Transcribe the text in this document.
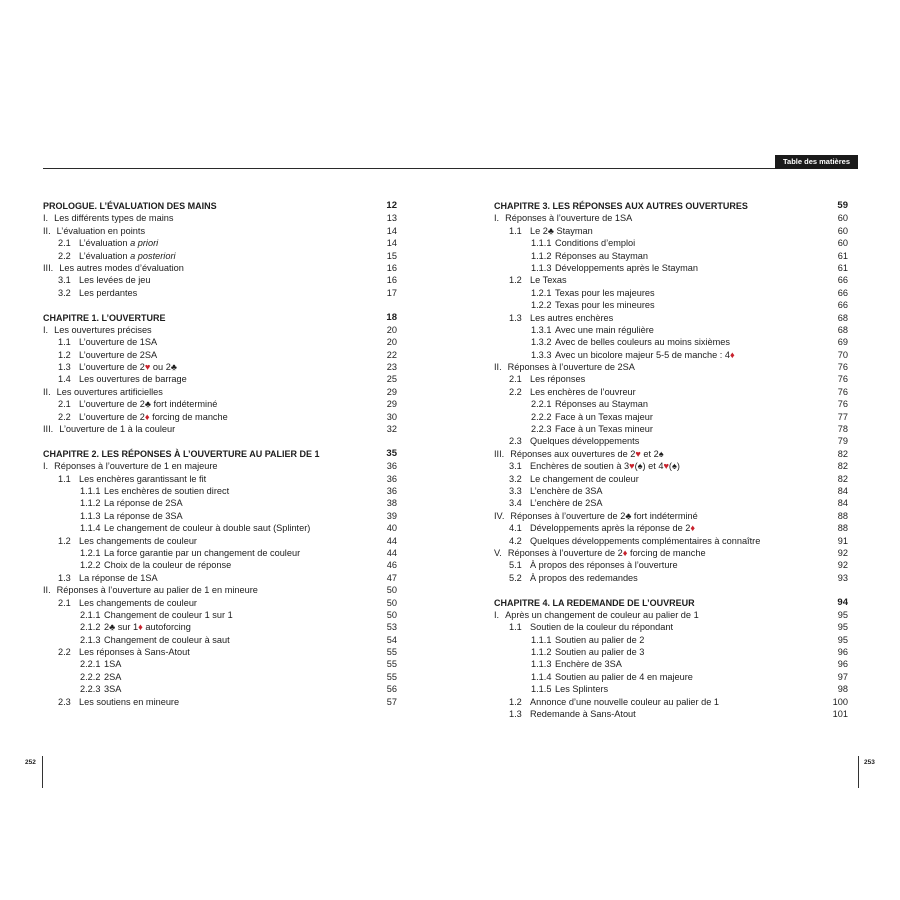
Table des matières
PROLOGUE. L’ÉVALUATION DES MAINS	12
I. Les différents types de mains	13
II. L’évaluation en points	14
2.1 L’évaluation a priori	14
2.2 L’évaluation a posteriori	15
III. Les autres modes d’évaluation	16
3.1 Les levées de jeu	16
3.2 Les perdantes	17
CHAPITRE 1. L’OUVERTURE	18
I. Les ouvertures précises	20
1.1 L’ouverture de 1SA	20
1.2 L’ouverture de 2SA	22
1.3 L’ouverture de 2♥ ou 2♣	23
1.4 Les ouvertures de barrage	25
II. Les ouvertures artificielles	29
2.1 L’ouverture de 2♣ fort indéterminé	29
2.2 L’ouverture de 2♦ forcing de manche	30
III. L’ouverture de 1 à la couleur	32
CHAPITRE 2. LES RÉPONSES À L’OUVERTURE AU PALIER DE 1	35
I. Réponses à l’ouverture de 1 en majeure	36
1.1 Les enchères garantissant le fit	36
1.1.1 Les enchères de soutien direct	36
1.1.2 La réponse de 2SA	38
1.1.3 La réponse de 3SA	39
1.1.4 Le changement de couleur à double saut (Splinter)	40
1.2 Les changements de couleur	44
1.2.1 La force garantie par un changement de couleur	44
1.2.2 Choix de la couleur de réponse	46
1.3 La réponse de 1SA	47
II. Réponses à l’ouverture au palier de 1 en mineure	50
2.1 Les changements de couleur	50
2.1.1 Changement de couleur 1 sur 1	50
2.1.2 2♣ sur 1♦ autoforcing	53
2.1.3 Changement de couleur à saut	54
2.2 Les réponses à Sans-Atout	55
2.2.1 1SA	55
2.2.2 2SA	55
2.2.3 3SA	56
2.3 Les soutiens en mineure	57
CHAPITRE 3. LES RÉPONSES AUX AUTRES OUVERTURES	59
I. Réponses à l’ouverture de 1SA	60
1.1 Le 2♣ Stayman	60
1.1.1 Conditions d’emploi	60
1.1.2 Réponses au Stayman	61
1.1.3 Développements après le Stayman	61
1.2 Le Texas	66
1.2.1 Texas pour les majeures	66
1.2.2 Texas pour les mineures	66
1.3 Les autres enchères	68
1.3.1 Avec une main régulière	68
1.3.2 Avec de belles couleurs au moins sixièmes	69
1.3.3 Avec un bicolore majeur 5-5 de manche : 4♦	70
II. Réponses à l’ouverture de 2SA	76
2.1 Les réponses	76
2.2 Les enchères de l’ouvreur	76
2.2.1 Réponses au Stayman	76
2.2.2 Face à un Texas majeur	77
2.2.3 Face à un Texas mineur	78
2.3 Quelques développements	79
III. Réponses aux ouvertures de 2♥ et 2♠	82
3.1 Enchères de soutien à 3♥(♠) et 4♥(♠)	82
3.2 Le changement de couleur	82
3.3 L’enchère de 3SA	84
3.4 L’enchère de 2SA	84
IV. Réponses à l’ouverture de 2♣ fort indéterminé	88
4.1 Développements après la réponse de 2♦	88
4.2 Quelques développements complémentaires à connaître	91
V. Réponses à l’ouverture de 2♦ forcing de manche	92
5.1 À propos des réponses à l’ouverture	92
5.2 À propos des redemandes	93
CHAPITRE 4. LA REDEMANDE DE L’OUVREUR	94
I. Après un changement de couleur au palier de 1	95
1.1 Soutien de la couleur du répondant	95
1.1.1 Soutien au palier de 2	95
1.1.2 Soutien au palier de 3	96
1.1.3 Enchère de 3SA	96
1.1.4 Soutien au palier de 4 en majeure	97
1.1.5 Les Splinters	98
1.2 Annonce d’une nouvelle couleur au palier de 1	100
1.3 Redemande à Sans-Atout	101
252	253
